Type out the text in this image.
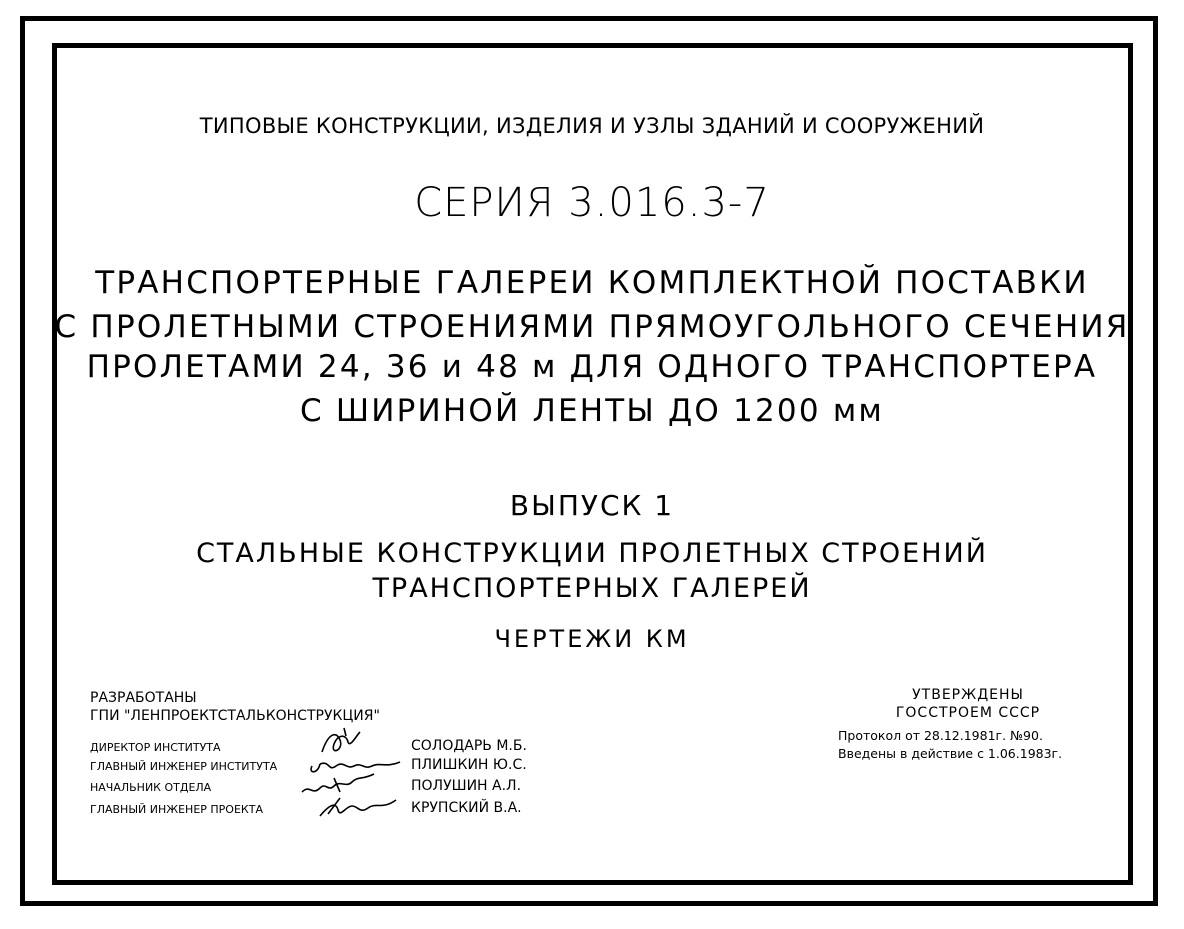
ТИПОВЫЕ КОНСТРУКЦИИ, ИЗДЕЛИЯ И УЗЛЫ ЗДАНИЙ И СООРУЖЕНИЙ
СЕРИЯ 3.016.3-7
ТРАНСПОРТЕРНЫЕ ГАЛЕРЕИ КОМПЛЕКТНОЙ ПОСТАВКИ
С ПРОЛЕТНЫМИ СТРОЕНИЯМИ ПРЯМОУГОЛЬНОГО СЕЧЕНИЯ
ПРОЛЕТАМИ 24, 36 и 48 м ДЛЯ ОДНОГО ТРАНСПОРТЕРА
С ШИРИНОЙ ЛЕНТЫ ДО 1200 мм
ВЫПУСК 1
СТАЛЬНЫЕ КОНСТРУКЦИИ ПРОЛЕТНЫХ СТРОЕНИЙ
ТРАНСПОРТЕРНЫХ ГАЛЕРЕЙ
ЧЕРТЕЖИ КМ
РАЗРАБОТАНЫ
ГПИ "ЛЕНПРОЕКТСТАЛЬКОНСТРУКЦИЯ"
ДИРЕКТОР ИНСТИТУТА
ГЛАВНЫЙ ИНЖЕНЕР ИНСТИТУТА
НАЧАЛЬНИК ОТДЕЛА
ГЛАВНЫЙ ИНЖЕНЕР ПРОЕКТА
СОЛОДАРЬ М.Б.
ПЛИШКИН Ю.С.
ПОЛУШИН А.Л.
КРУПСКИЙ В.А.
УТВЕРЖДЕНЫ
ГОССТРОЕМ СССР
Протокол от 28.12.1981г. №90.
Введены в действие с 1.06.1983г.
